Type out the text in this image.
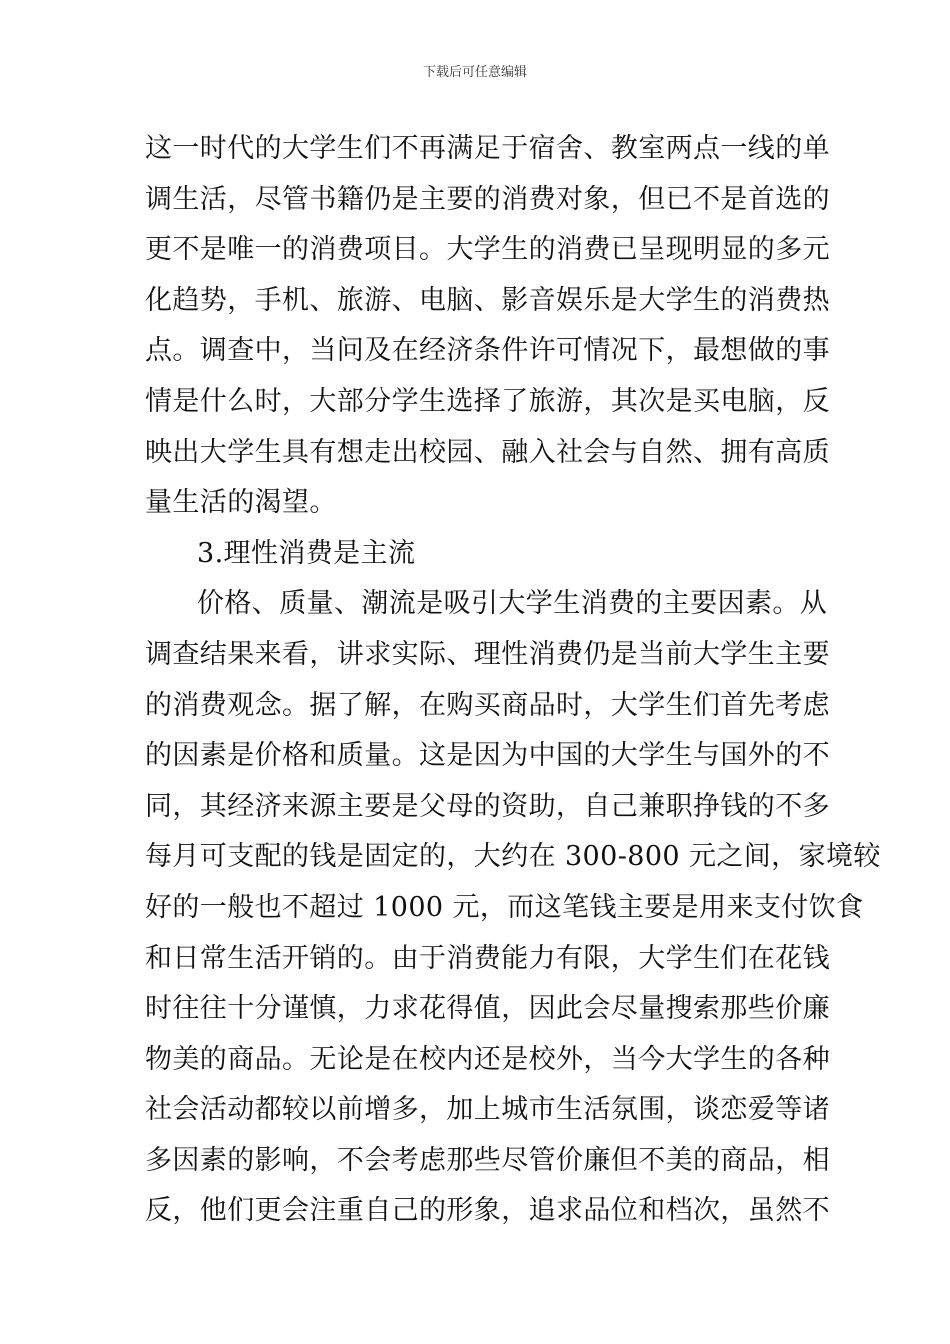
下载后可任意编辑
这一时代的大学生们不再满足于宿舍、教室两点一线的单
调生活，尽管书籍仍是主要的消费对象，但已不是首选的
更不是唯一的消费项目。大学生的消费已呈现明显的多元
化趋势，手机、旅游、电脑、影音娱乐是大学生的消费热
点。调查中，当问及在经济条件许可情况下，最想做的事
情是什么时，大部分学生选择了旅游，其次是买电脑，反
映出大学生具有想走出校园、融入社会与自然、拥有高质
量生活的渴望。
3.理性消费是主流
价格、质量、潮流是吸引大学生消费的主要因素。从
调查结果来看，讲求实际、理性消费仍是当前大学生主要
的消费观念。据了解，在购买商品时，大学生们首先考虑
的因素是价格和质量。这是因为中国的大学生与国外的不
同，其经济来源主要是父母的资助，自己兼职挣钱的不多
每月可支配的钱是固定的，大约在 300-800 元之间，家境较
好的一般也不超过 1000 元，而这笔钱主要是用来支付饮食
和日常生活开销的。由于消费能力有限，大学生们在花钱
时往往十分谨慎，力求花得值，因此会尽量搜索那些价廉
物美的商品。无论是在校内还是校外，当今大学生的各种
社会活动都较以前增多，加上城市生活氛围，谈恋爱等诸
多因素的影响，不会考虑那些尽管价廉但不美的商品，相
反，他们更会注重自己的形象，追求品位和档次，虽然不
